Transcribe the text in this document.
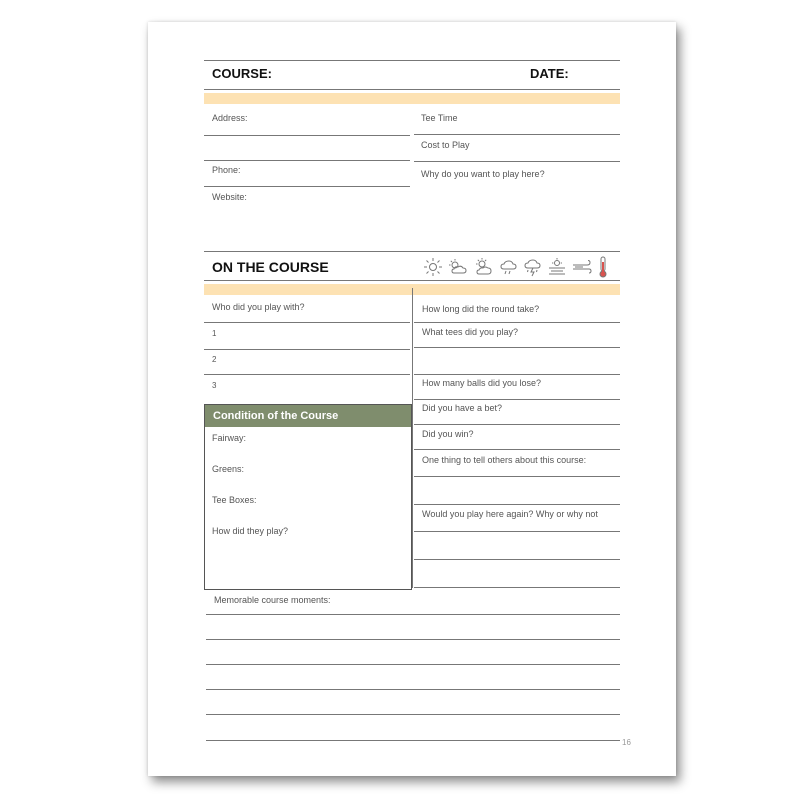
COURSE:	DATE:
Address:
Phone:
Website:
Tee Time
Cost to Play
Why do you want to play here?
ON THE COURSE
Who did you play with?
1
2
3
Condition of the Course
Fairway:
Greens:
Tee Boxes:
How did they play?
How long did the round take?
What tees did you play?
How many balls did you lose?
Did you have a bet?
Did you win?
One thing to tell others about this course:
Would you play here again? Why or why not
Memorable course moments:
16
